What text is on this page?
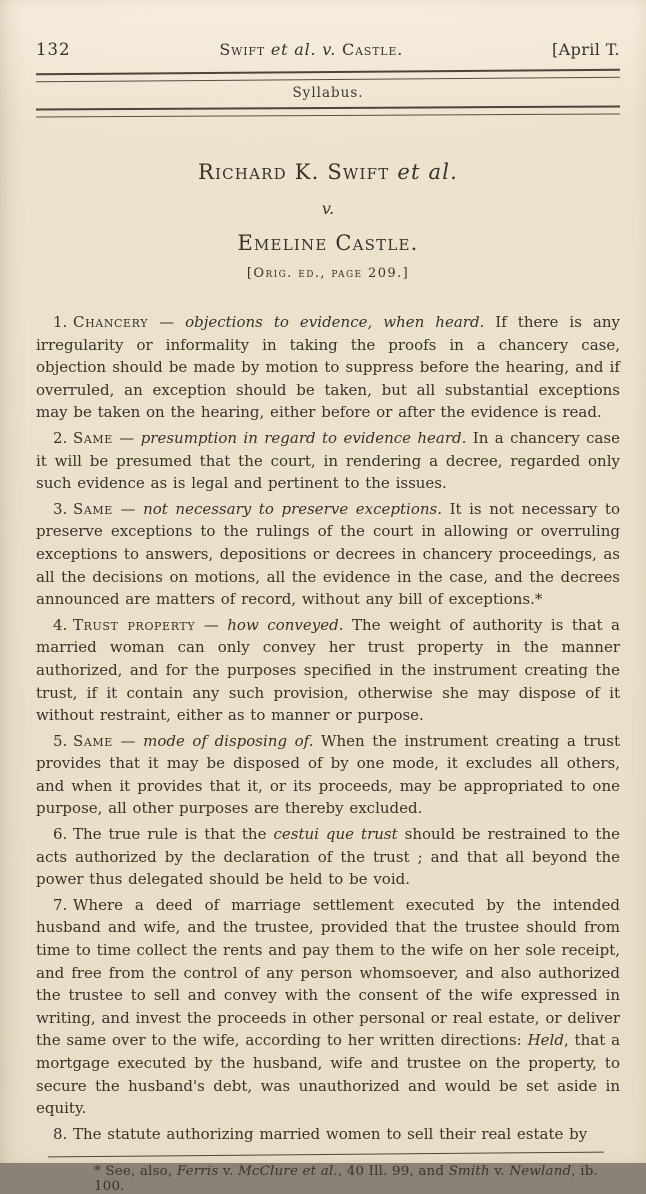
132	Swift et al. v. Castle.	[April T.
Syllabus.
Richard K. Swift et al.
v.
Emeline Castle.
[Orig. ed., page 209.]

1. Chancery — objections to evidence, when heard. If there is any irregularity or informality in taking the proofs in a chancery case, objection should be made by motion to suppress before the hearing, and if overruled, an exception should be taken, but all substantial exceptions may be taken on the hearing, either before or after the evidence is read.

2. Same — presumption in regard to evidence heard. In a chancery case it will be presumed that the court, in rendering a decree, regarded only such evidence as is legal and pertinent to the issues.

3. Same — not necessary to preserve exceptions. It is not necessary to preserve exceptions to the rulings of the court in allowing or overruling exceptions to answers, depositions or decrees in chancery proceedings, as all the decisions on motions, all the evidence in the case, and the decrees announced are matters of record, without any bill of exceptions.*

4. Trust property — how conveyed. The weight of authority is that a married woman can only convey her trust property in the manner authorized, and for the purposes specified in the instrument creating the trust, if it contain any such provision, otherwise she may dispose of it without restraint, either as to manner or purpose.

5. Same — mode of disposing of. When the instrument creating a trust provides that it may be disposed of by one mode, it excludes all others, and when it provides that it, or its proceeds, may be appropriated to one purpose, all other purposes are thereby excluded.

6. The true rule is that the cestui que trust should be restrained to the acts authorized by the declaration of the trust ; and that all beyond the power thus delegated should be held to be void.

7. Where a deed of marriage settlement executed by the intended husband and wife, and the trustee, provided that the trustee should from time to time collect the rents and pay them to the wife on her sole receipt, and free from the control of any person whomsoever, and also authorized the trustee to sell and convey with the consent of the wife expressed in writing, and invest the proceeds in other personal or real estate, or deliver the same over to the wife, according to her written directions: Held, that a mortgage executed by the husband, wife and trustee on the property, to secure the husband's debt, was unauthorized and would be set aside in equity.

8. The statute authorizing married women to sell their real estate by

* See, also, Ferris v. McClure et al., 40 Ill. 99, and Smith v. Newland, ib. 100.
